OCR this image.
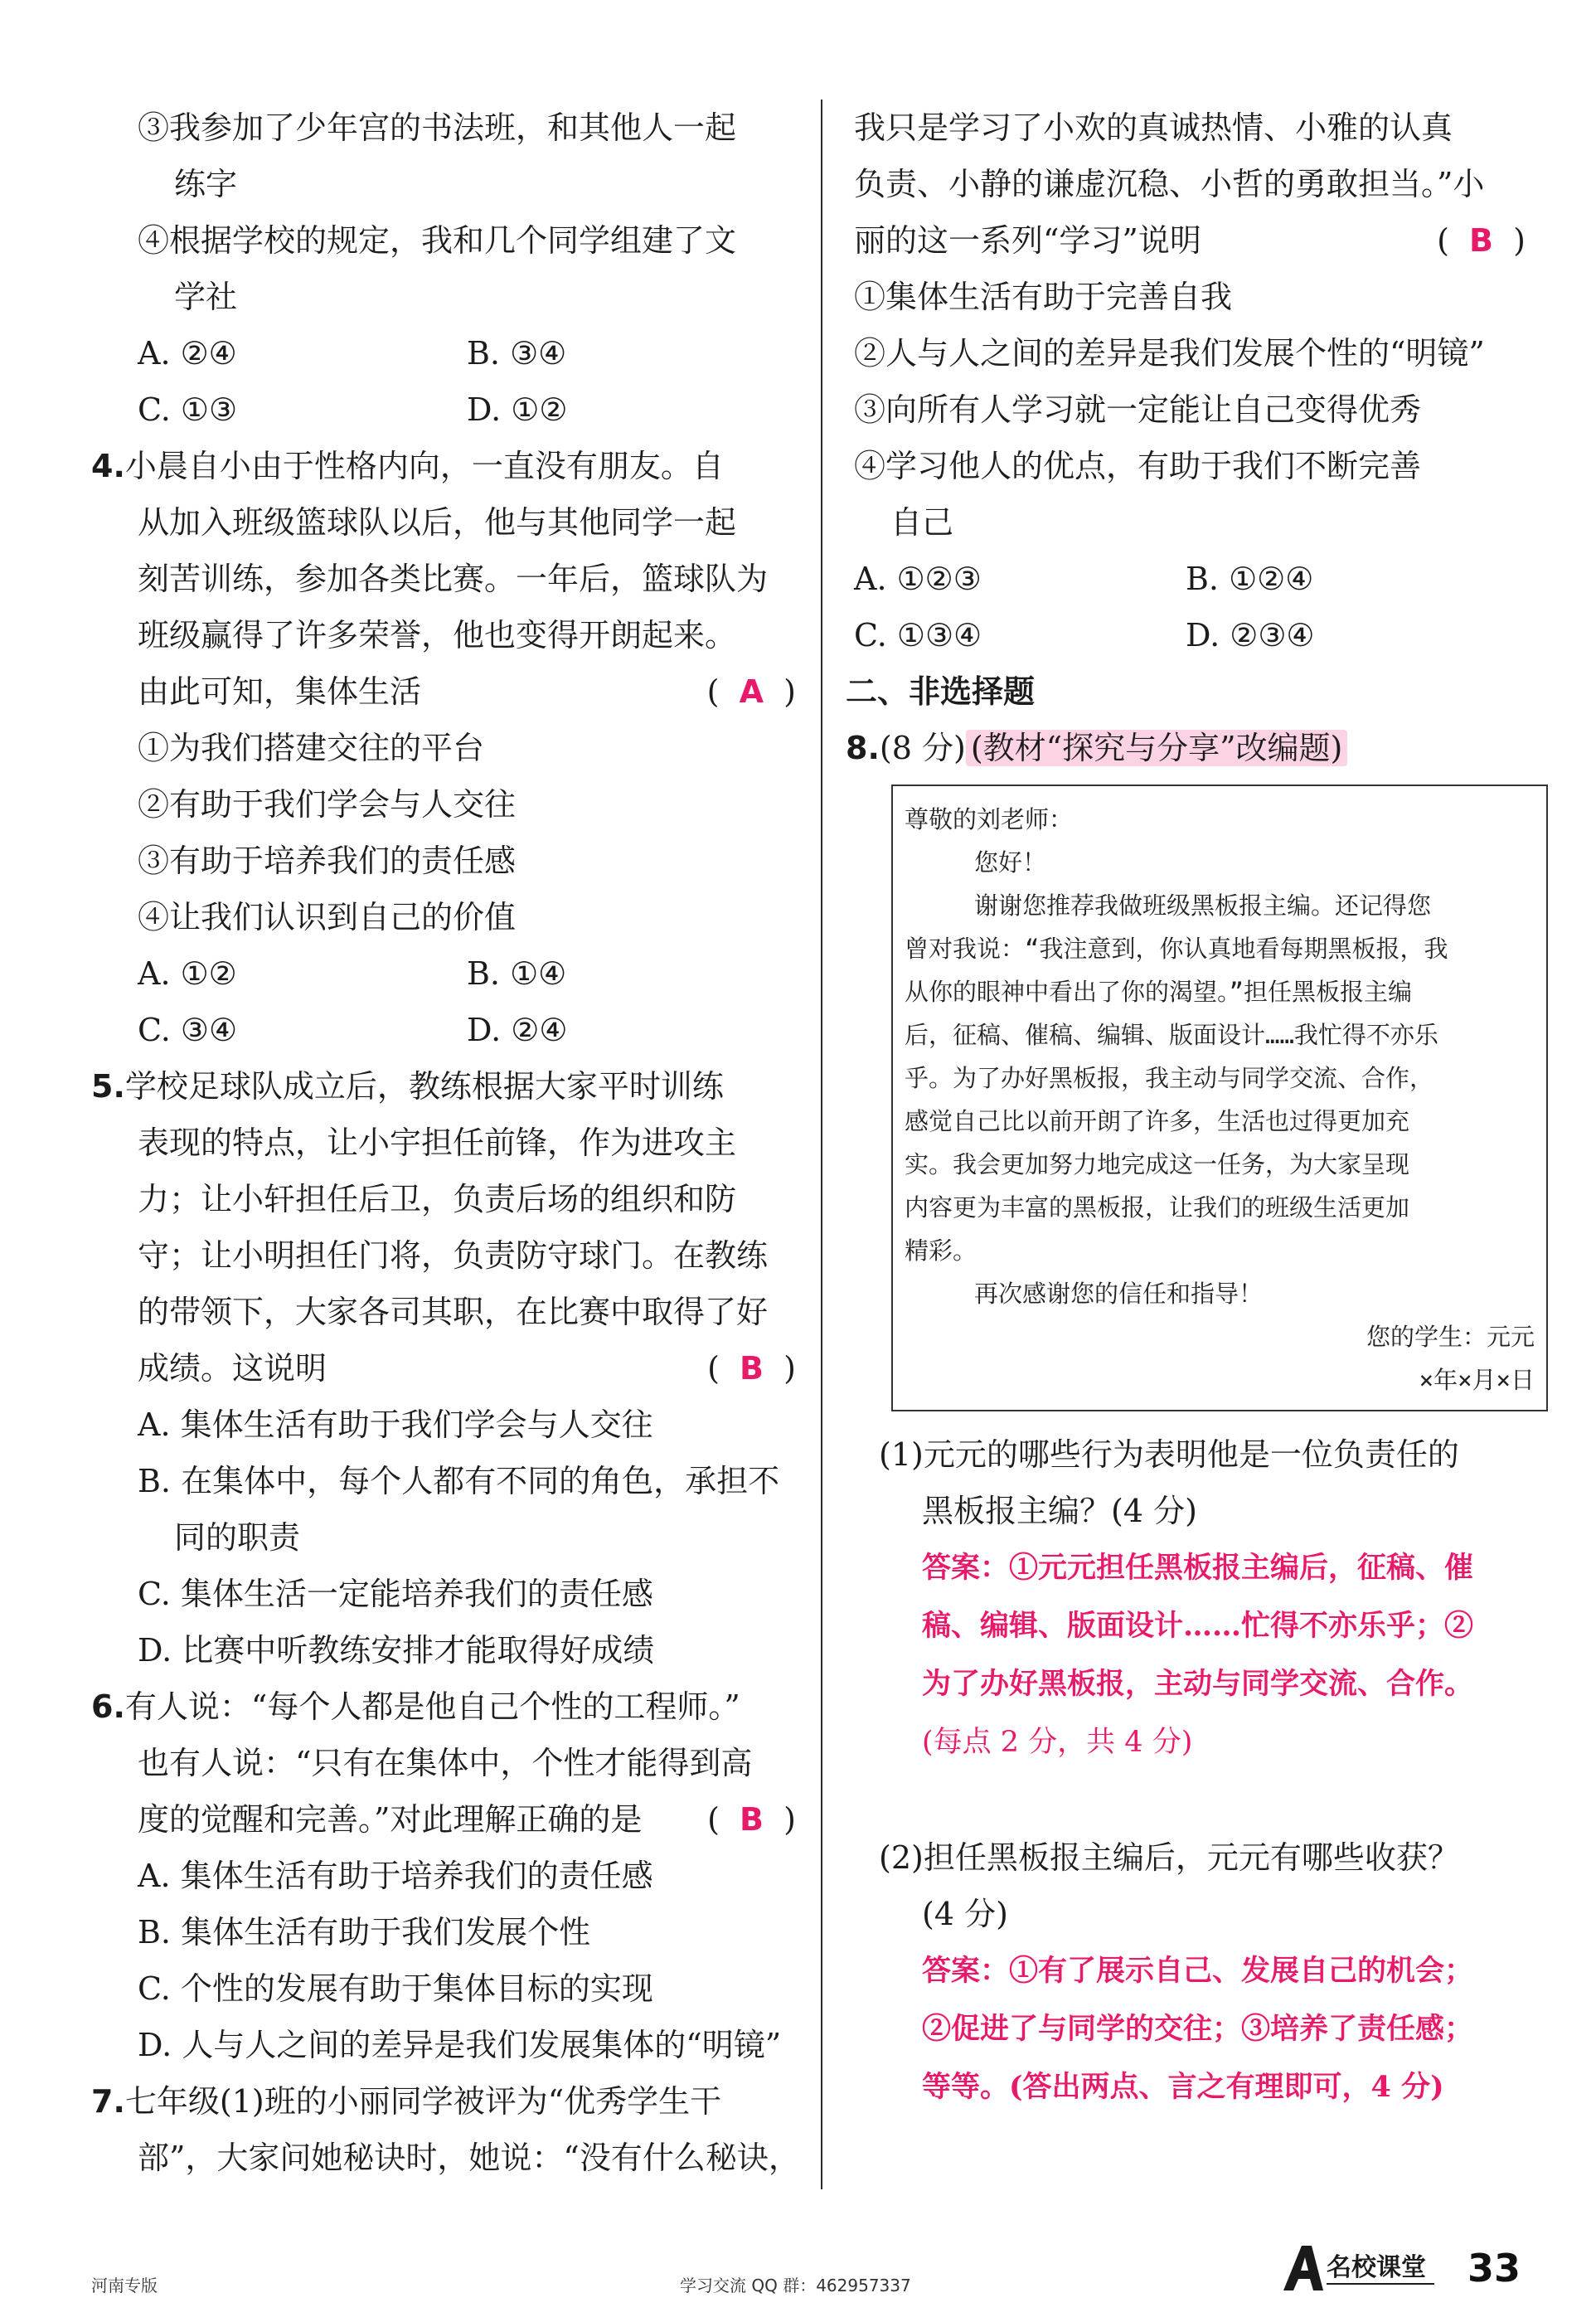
③我参加了少年宫的书法班，和其他人一起
练字
④根据学校的规定，我和几个同学组建了文
学社
A. ②④	B. ③④
C. ①③	D. ①②
4.小晨自小由于性格内向，一直没有朋友。自
从加入班级篮球队以后，他与其他同学一起
刻苦训练，参加各类比赛。一年后，篮球队为
班级赢得了许多荣誉，他也变得开朗起来。
由此可知，集体生活	(  A  )
①为我们搭建交往的平台
②有助于我们学会与人交往
③有助于培养我们的责任感
④让我们认识到自己的价值
A. ①②	B. ①④
C. ③④	D. ②④
5.学校足球队成立后，教练根据大家平时训练
表现的特点，让小宇担任前锋，作为进攻主
力；让小轩担任后卫，负责后场的组织和防
守；让小明担任门将，负责防守球门。在教练
的带领下，大家各司其职，在比赛中取得了好
成绩。这说明	(  B  )
A. 集体生活有助于我们学会与人交往
B. 在集体中，每个人都有不同的角色，承担不
同的职责
C. 集体生活一定能培养我们的责任感
D. 比赛中听教练安排才能取得好成绩
6.有人说：“每个人都是他自己个性的工程师。”
也有人说：“只有在集体中，个性才能得到高
度的觉醒和完善。”对此理解正确的是 (  B  )
A. 集体生活有助于培养我们的责任感
B. 集体生活有助于我们发展个性
C. 个性的发展有助于集体目标的实现
D. 人与人之间的差异是我们发展集体的“明镜”
7.七年级(1)班的小丽同学被评为“优秀学生干
部”，大家问她秘诀时，她说：“没有什么秘诀，
我只是学习了小欢的真诚热情、小雅的认真
负责、小静的谦虚沉稳、小哲的勇敢担当。”小
丽的这一系列“学习”说明	(  B  )
①集体生活有助于完善自我
②人与人之间的差异是我们发展个性的“明镜”
③向所有人学习就一定能让自己变得优秀
④学习他人的优点，有助于我们不断完善
自己
A. ①②③	B. ①②④
C. ①③④	D. ②③④
二、非选择题
8.(8 分) (教材“探究与分享”改编题)
尊敬的刘老师：
您好！
谢谢您推荐我做班级黑板报主编。还记得您
曾对我说：“我注意到，你认真地看每期黑板报，我
从你的眼神中看出了你的渴望。”担任黑板报主编
后，征稿、催稿、编辑、版面设计……我忙得不亦乐
乎。为了办好黑板报，我主动与同学交流、合作，
感觉自己比以前开朗了许多，生活也过得更加充
实。我会更加努力地完成这一任务，为大家呈现
内容更为丰富的黑板报，让我们的班级生活更加
精彩。
再次感谢您的信任和指导！
您的学生：元元
×年×月×日
(1)元元的哪些行为表明他是一位负责任的
黑板报主编？(4 分)
答案：①元元担任黑板报主编后，征稿、催
稿、编辑、版面设计……忙得不亦乐乎；②
为了办好黑板报，主动与同学交流、合作。
(每点 2 分，共 4 分)
(2)担任黑板报主编后，元元有哪些收获？
(4 分)
答案：①有了展示自己、发展自己的机会；
②促进了与同学的交往；③培养了责任感；
等等。(答出两点、言之有理即可，4 分)
河南专版	学习交流 QQ 群：462957337
名校课堂 33
